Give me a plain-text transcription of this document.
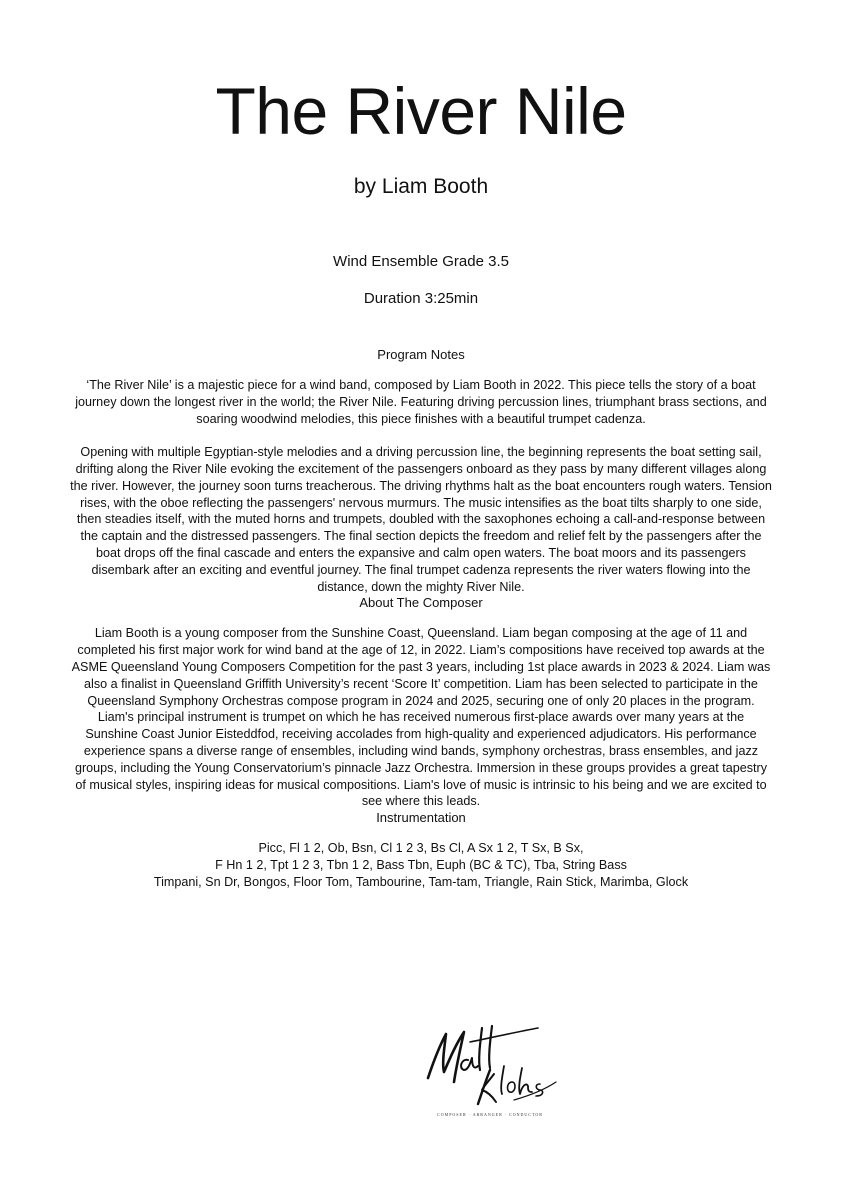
The River Nile
by Liam Booth
Wind Ensemble Grade 3.5
Duration 3:25min
Program Notes

‘The River Nile’ is a majestic piece for a wind band, composed by Liam Booth in 2022. This piece tells the story of a boat journey down the longest river in the world; the River Nile. Featuring driving percussion lines, triumphant brass sections, and soaring woodwind melodies, this piece finishes with a beautiful trumpet cadenza.

Opening with multiple Egyptian-style melodies and a driving percussion line, the beginning represents the boat setting sail, drifting along the River Nile evoking the excitement of the passengers onboard as they pass by many different villages along the river. However, the journey soon turns treacherous. The driving rhythms halt as the boat encounters rough waters. Tension rises, with the oboe reflecting the passengers' nervous murmurs. The music intensifies as the boat tilts sharply to one side, then steadies itself, with the muted horns and trumpets, doubled with the saxophones echoing a call-and-response between the captain and the distressed passengers. The final section depicts the freedom and relief felt by the passengers after the boat drops off the final cascade and enters the expansive and calm open waters. The boat moors and its passengers disembark after an exciting and eventful journey. The final trumpet cadenza represents the river waters flowing into the distance, down the mighty River Nile.

About The Composer

Liam Booth is a young composer from the Sunshine Coast, Queensland. Liam began composing at the age of 11 and completed his first major work for wind band at the age of 12, in 2022. Liam’s compositions have received top awards at the ASME Queensland Young Composers Competition for the past 3 years, including 1st place awards in 2023 & 2024. Liam was also a finalist in Queensland Griffith University’s recent ‘Score It’ competition. Liam has been selected to participate in the Queensland Symphony Orchestras compose program in 2024 and 2025, securing one of only 20 places in the program.

Liam's principal instrument is trumpet on which he has received numerous first-place awards over many years at the Sunshine Coast Junior Eisteddfod, receiving accolades from high-quality and experienced adjudicators. His performance experience spans a diverse range of ensembles, including wind bands, symphony orchestras, brass ensembles, and jazz groups, including the Young Conservatorium’s pinnacle Jazz Orchestra. Immersion in these groups provides a great tapestry of musical styles, inspiring ideas for musical compositions. Liam's love of music is intrinsic to his being and we are excited to see where this leads.

Instrumentation

Picc, Fl 1 2, Ob, Bsn, Cl 1 2 3, Bs Cl, A Sx 1 2, T Sx, B Sx,

F Hn 1 2, Tpt 1 2 3, Tbn 1 2, Bass Tbn, Euph (BC & TC), Tba, String Bass

Timpani, Sn Dr, Bongos, Floor Tom, Tambourine, Tam-tam, Triangle, Rain Stick, Marimba, Glock

COMPOSER · ARRANGER · CONDUCTOR
